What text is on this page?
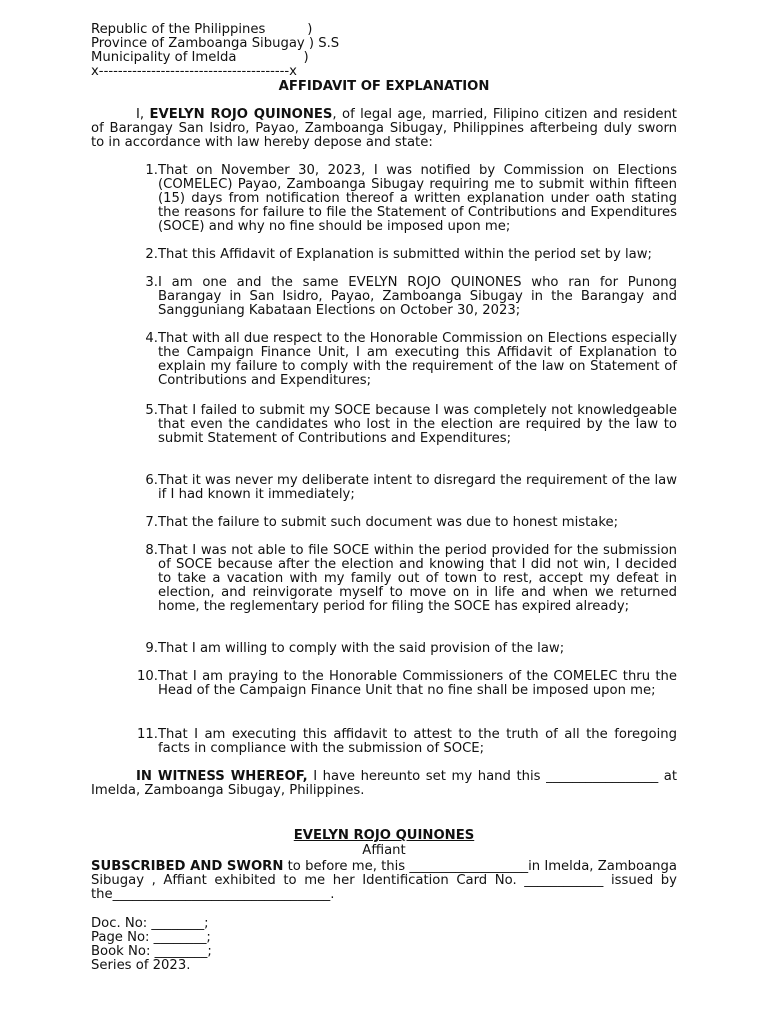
Republic of the Philippines          )
Province of Zamboanga Sibugay ) S.S
Municipality of Imelda                )
x----------------------------------------x
AFFIDAVIT OF EXPLANATION
I, EVELYN ROJO QUINONES, of legal age, married, Filipino citizen and resident of Barangay San Isidro, Payao, Zamboanga Sibugay, Philippines afterbeing duly sworn to in accordance with law hereby depose and state:
1. That on November 30, 2023, I was notified by Commission on Elections (COMELEC) Payao, Zamboanga Sibugay requiring me to submit within fifteen (15) days from notification thereof a written explanation under oath stating the reasons for failure to file the Statement of Contributions and Expenditures (SOCE) and why no fine should be imposed upon me;
2. That this Affidavit of Explanation is submitted within the period set by law;
3. I am one and the same EVELYN ROJO QUINONES who ran for Punong Barangay in San Isidro, Payao, Zamboanga Sibugay in the Barangay and Sangguniang Kabataan Elections on October 30, 2023;
4. That with all due respect to the Honorable Commission on Elections especially the Campaign Finance Unit, I am executing this Affidavit of Explanation to explain my failure to comply with the requirement of the law on Statement of Contributions and Expenditures;
5. That I failed to submit my SOCE because I was completely not knowledgeable that even the candidates who lost in the election are required by the law to submit Statement of Contributions and Expenditures;
6. That it was never my deliberate intent to disregard the requirement of the law if I had known it immediately;
7. That the failure to submit such document was due to honest mistake;
8. That I was not able to file SOCE within the period provided for the submission of SOCE because after the election and knowing that I did not win, I decided to take a vacation with my family out of town to rest, accept my defeat in election, and reinvigorate myself to move on in life and when we returned home, the reglementary period for filing the SOCE has expired already;
9. That I am willing to comply with the said provision of the law;
10. That I am praying to the Honorable Commissioners of the COMELEC thru the Head of the Campaign Finance Unit that no fine shall be imposed upon me;
11. That I am executing this affidavit to attest to the truth of all the foregoing facts in compliance with the submission of SOCE;
IN WITNESS WHEREOF, I have hereunto set my hand this _________________ at Imelda, Zamboanga Sibugay, Philippines.
EVELYN ROJO QUINONES
Affiant
SUBSCRIBED AND SWORN to before me, this __________________in Imelda, Zamboanga Sibugay , Affiant exhibited to me her Identification Card No. ____________ issued by the_________________________________.
Doc. No: ________;
Page No: ________;
Book No: ________;
Series of 2023.
